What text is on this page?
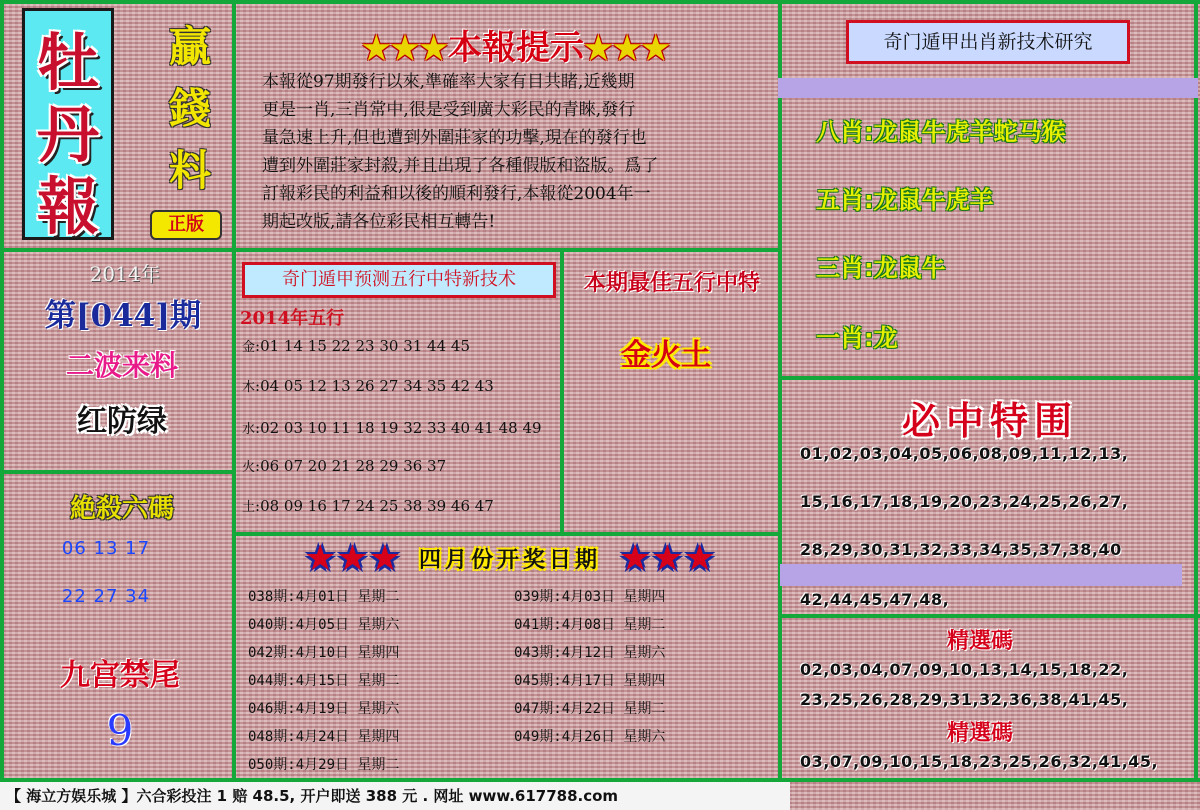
牡
丹
報
贏
錢
料
正版
★★★本報提示★★★
本報從97期發行以來,準確率大家有目共睹,近幾期
更是一肖,三肖常中,很是受到廣大彩民的青睞,發行
量急速上升,但也遭到外圍莊家的功擊,現在的發行也
遭到外圍莊家封殺,并且出現了各種假版和盜版。爲了
訂報彩民的利益和以後的順利發行,本報從2004年一
期起改版,請各位彩民相互轉告!
奇门遁甲出肖新技术研究
八肖:龙鼠牛虎羊蛇马猴
五肖:龙鼠牛虎羊
三肖:龙鼠牛
一肖:龙
2014年
第[044]期
二波来料
红防绿
絶殺六碼
06 13 17
22 27 34
九宫禁尾
9
奇门遁甲预测五行中特新技术
2014年五行
金:01 14 15 22 23 30 31 44 45
木:04 05 12 13 26 27 34 35 42 43
水:02 03 10 11 18 19 32 33 40 41 48 49
火:06 07 20 21 28 29 36 37
土:08 09 16 17 24 25 38 39 46 47
本期最佳五行中特
金火土
★★★ 四月份开奖日期 ★★★
038期:4月01日 星期二
040期:4月05日 星期六
042期:4月10日 星期四
044期:4月15日 星期二
046期:4月19日 星期六
048期:4月24日 星期四
050期:4月29日 星期二
039期:4月03日 星期四
041期:4月08日 星期二
043期:4月12日 星期六
045期:4月17日 星期四
047期:4月22日 星期二
049期:4月26日 星期六
必中特围
01,02,03,04,05,06,08,09,11,12,13,
15,16,17,18,19,20,23,24,25,26,27,
28,29,30,31,32,33,34,35,37,38,40
42,44,45,47,48,
精選碼
02,03,04,07,09,10,13,14,15,18,22,
23,25,26,28,29,31,32,36,38,41,45,
精選碼
03,07,09,10,15,18,23,25,26,32,41,45,
【 海立方娱乐城 】六合彩投注 1 赔 48.5, 开户即送 388 元 . 网址 www.617788.com
